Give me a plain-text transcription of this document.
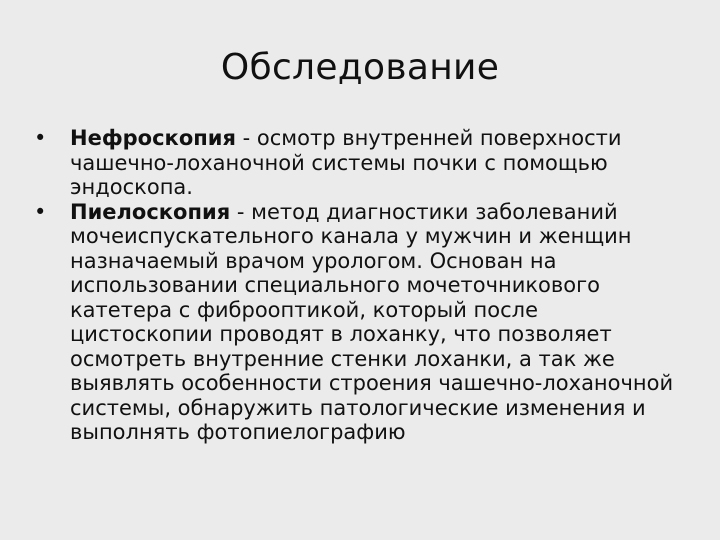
Обследование
• Нефроскопия - осмотр внутренней поверхности чашечно-лоханочной системы почки с помощью эндоскопа.
• Пиелоскопия - метод диагностики заболеваний мочеиспускательного канала у мужчин и женщин назначаемый врачом урологом. Основан на использовании специального мочеточникового катетера с фиброоптикой, который после цистоскопии проводят в лоханку, что позволяет осмотреть внутренние стенки лоханки, а так же выявлять особенности строения чашечно-лоханочной системы, обнаружить патологические изменения и выполнять фотопиелографию
